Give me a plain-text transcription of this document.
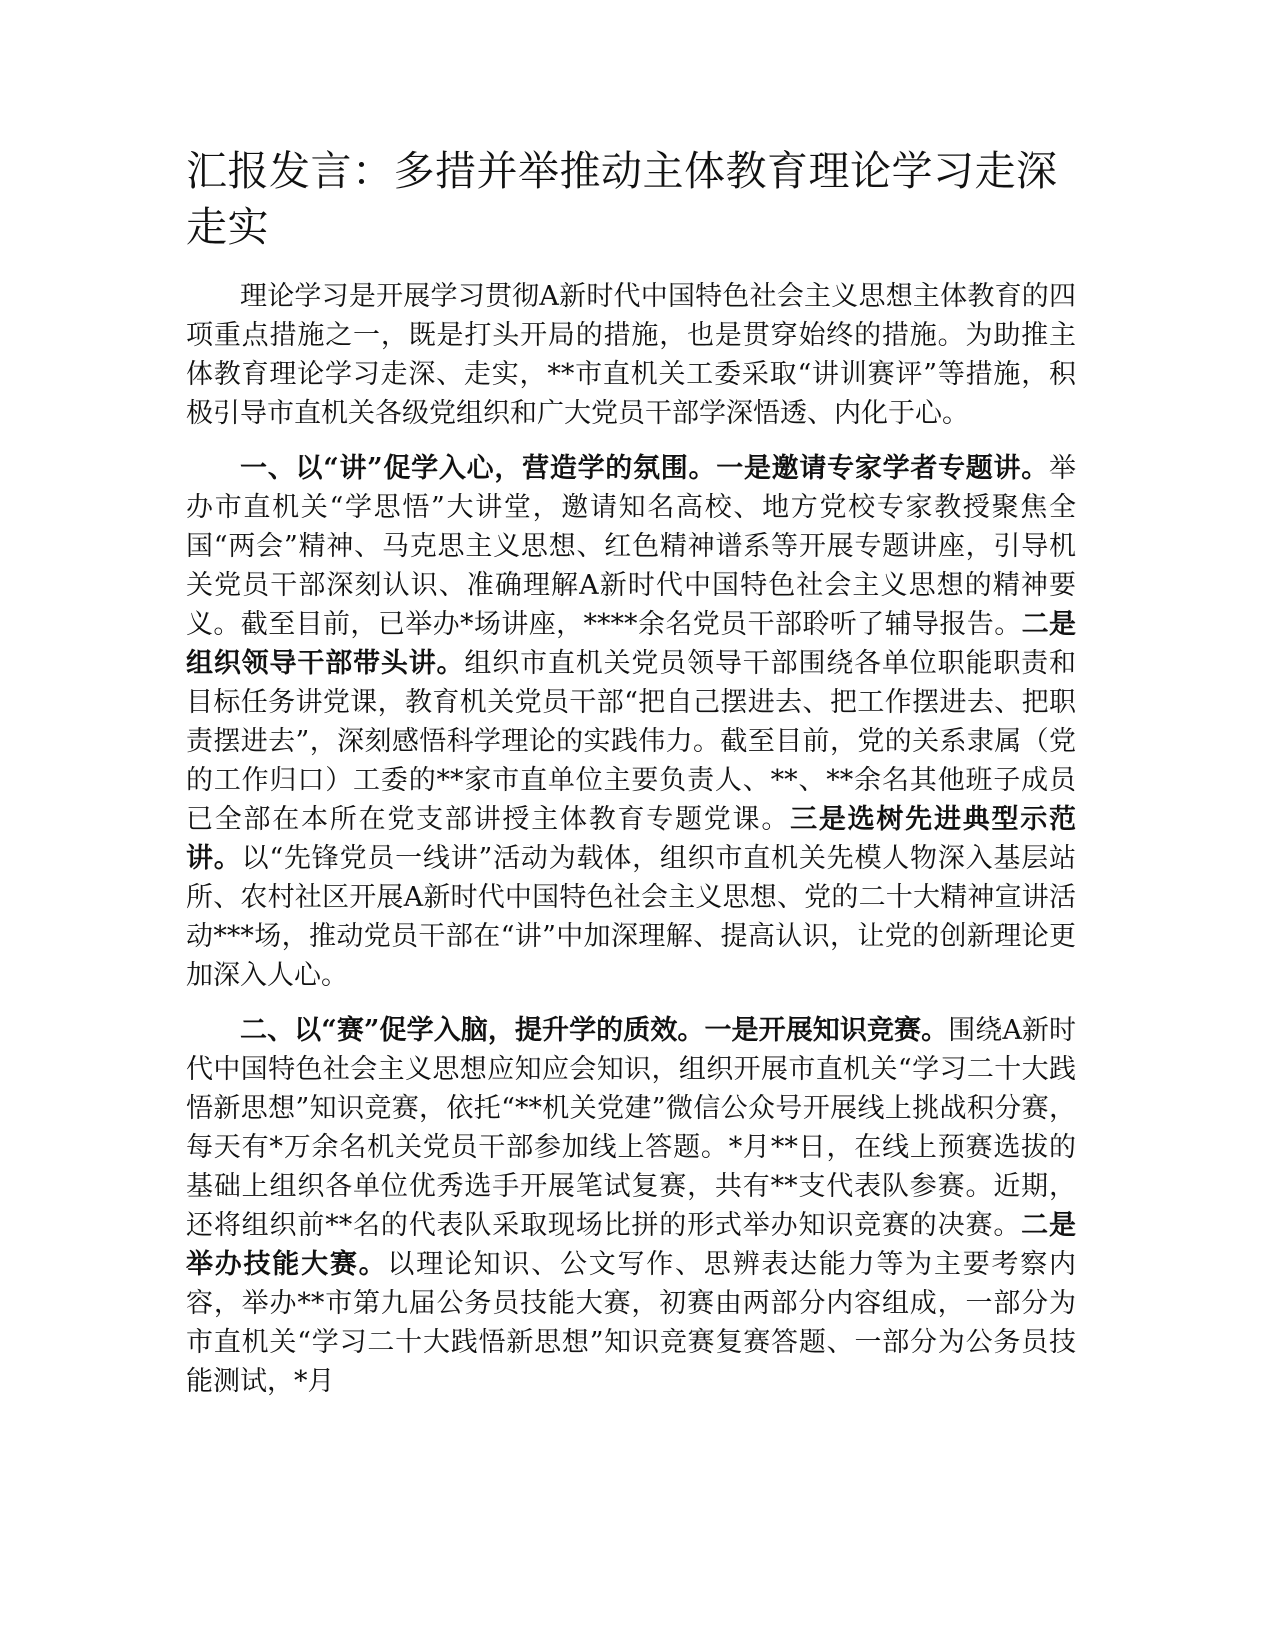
汇报发言：多措并举推动主体教育理论学习走深走实

理论学习是开展学习贯彻A新时代中国特色社会主义思想主体教育的四项重点措施之一，既是打头开局的措施，也是贯穿始终的措施。为助推主体教育理论学习走深、走实，**市直机关工委采取“讲训赛评”等措施，积极引导市直机关各级党组织和广大党员干部学深悟透、内化于心。

一、以“讲”促学入心，营造学的氛围。一是邀请专家学者专题讲。举办市直机关“学思悟”大讲堂，邀请知名高校、地方党校专家教授聚焦全国“两会”精神、马克思主义思想、红色精神谱系等开展专题讲座，引导机关党员干部深刻认识、准确理解A新时代中国特色社会主义思想的精神要义。截至目前，已举办*场讲座，****余名党员干部聆听了辅导报告。二是组织领导干部带头讲。组织市直机关党员领导干部围绕各单位职能职责和目标任务讲党课，教育机关党员干部“把自己摆进去、把工作摆进去、把职责摆进去”，深刻感悟科学理论的实践伟力。截至目前，党的关系隶属（党的工作归口）工委的**家市直单位主要负责人、**、**余名其他班子成员已全部在本所在党支部讲授主体教育专题党课。三是选树先进典型示范讲。以“先锋党员一线讲”活动为载体，组织市直机关先模人物深入基层站所、农村社区开展A新时代中国特色社会主义思想、党的二十大精神宣讲活动***场，推动党员干部在“讲”中加深理解、提高认识，让党的创新理论更加深入人心。

二、以“赛”促学入脑，提升学的质效。一是开展知识竞赛。围绕A新时代中国特色社会主义思想应知应会知识，组织开展市直机关“学习二十大践悟新思想”知识竞赛，依托“**机关党建”微信公众号开展线上挑战积分赛，每天有*万余名机关党员干部参加线上答题。*月**日，在线上预赛选拔的基础上组织各单位优秀选手开展笔试复赛，共有**支代表队参赛。近期，还将组织前**名的代表队采取现场比拼的形式举办知识竞赛的决赛。二是举办技能大赛。以理论知识、公文写作、思辨表达能力等为主要考察内容，举办**市第九届公务员技能大赛，初赛由两部分内容组成，一部分为市直机关“学习二十大践悟新思想”知识竞赛复赛答题、一部分为公务员技能测试，*月
